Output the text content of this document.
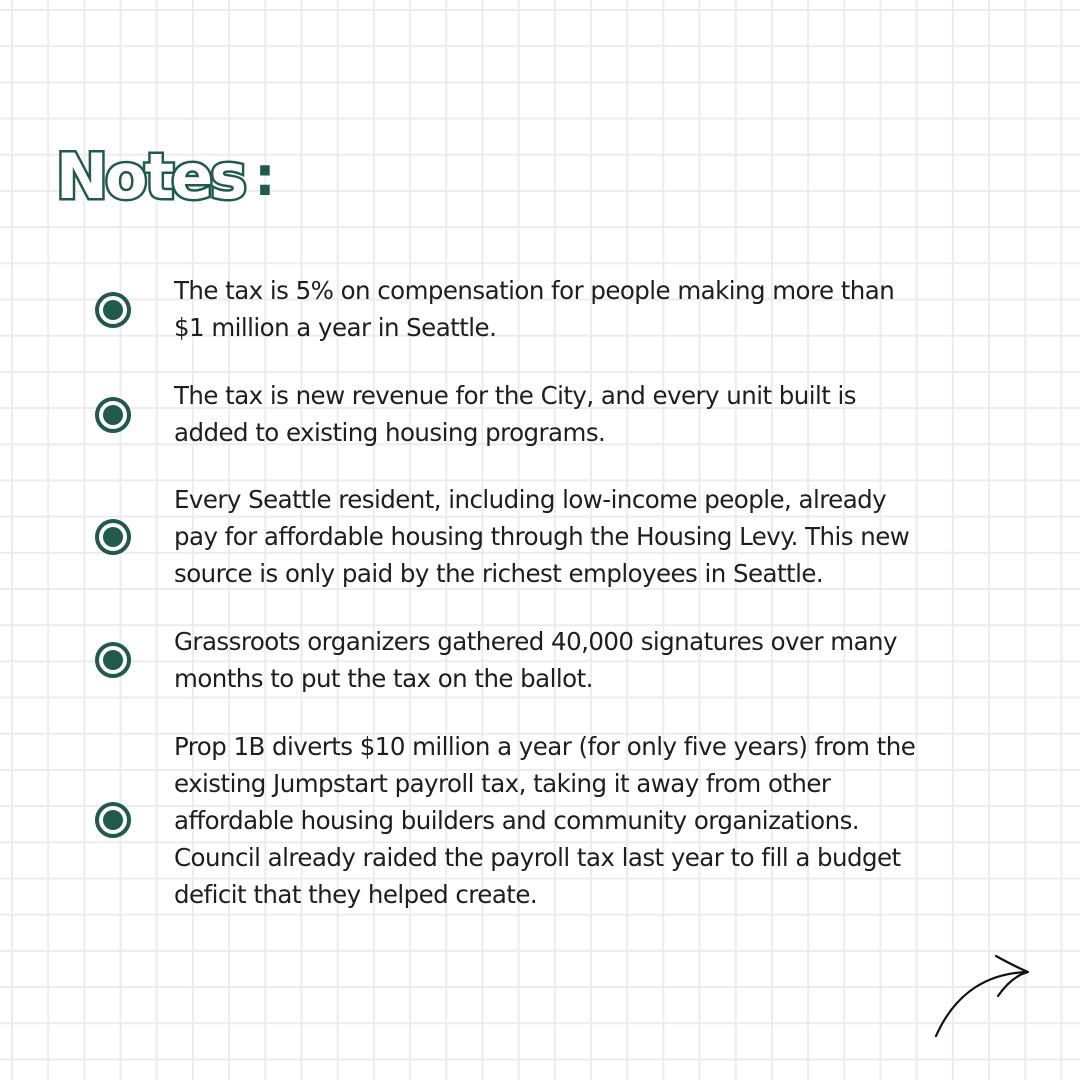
Notes :
The tax is 5% on compensation for people making more than
$1 million a year in Seattle.
The tax is new revenue for the City, and every unit built is
added to existing housing programs.
Every Seattle resident, including low-income people, already
pay for affordable housing through the Housing Levy. This new
source is only paid by the richest employees in Seattle.
Grassroots organizers gathered 40,000 signatures over many
months to put the tax on the ballot.
Prop 1B diverts $10 million a year (for only five years) from the
existing Jumpstart payroll tax, taking it away from other
affordable housing builders and community organizations.
Council already raided the payroll tax last year to fill a budget
deficit that they helped create.
